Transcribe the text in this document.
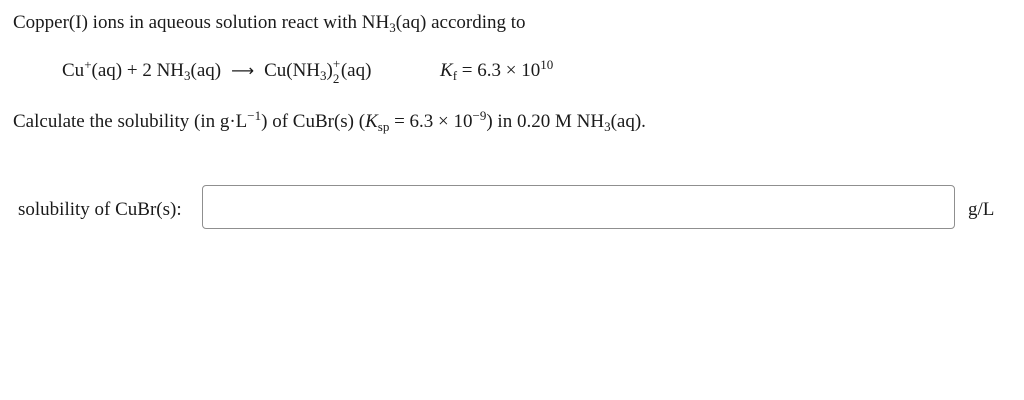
Copper(I) ions in aqueous solution react with $NH_3(aq)$ according to
Cu+(aq) + 2 $NH_3(aq)$ ⟶ $Cu(NH_3)$ +
2 (aq)	$K_f = 6.3 \times 10^{10}$
Calculate the solubility (in $g\cdot L^{-1}$) of CuBr(s) $(K_{sp} = 6.3 \times 10^{-9})$ in 0.20 M $NH_3(aq)$.
solubility of CuBr(s):	g/L
